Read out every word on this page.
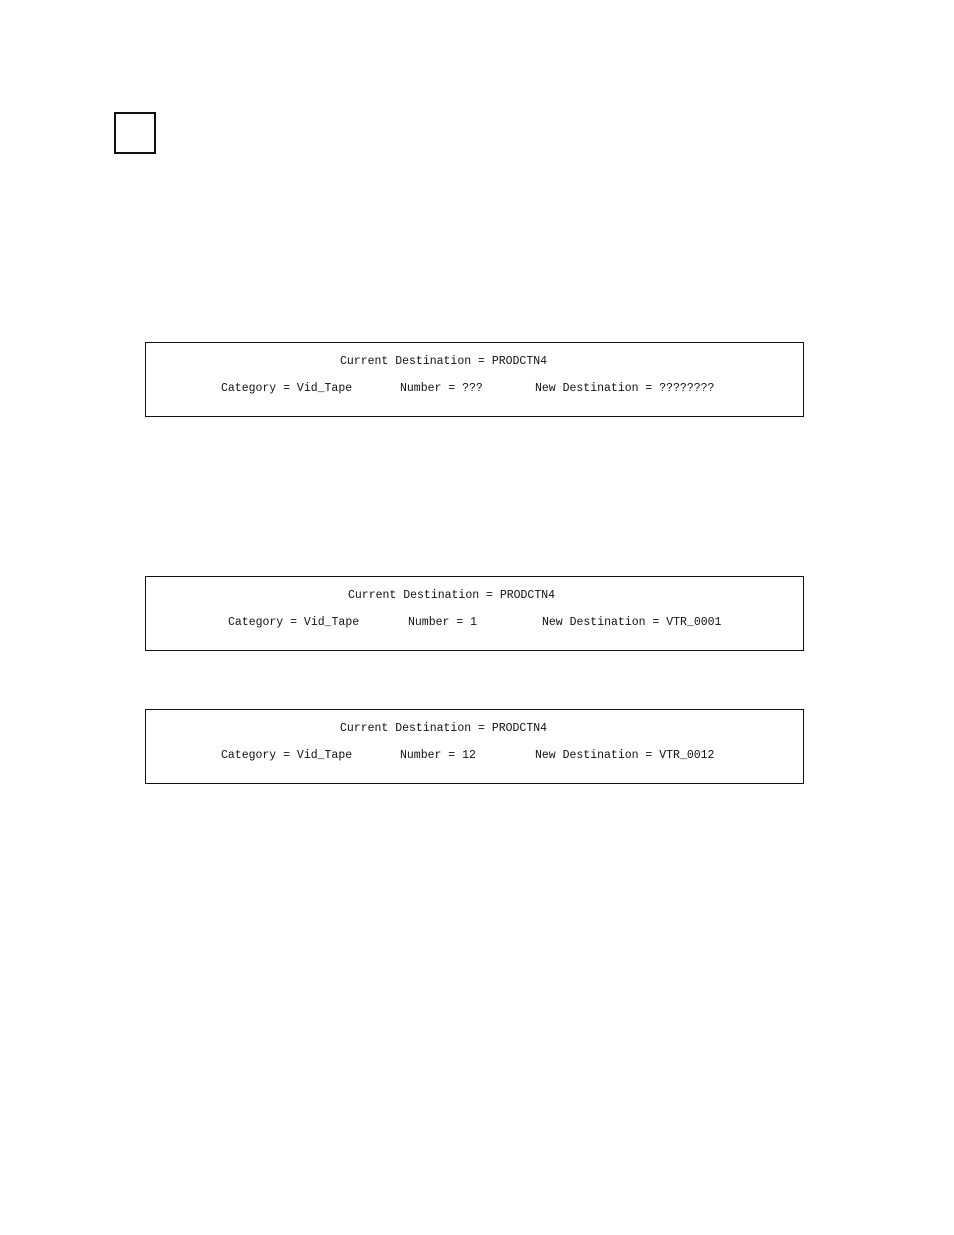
Current Destination = PRODCTN4

Category = Vid_Tape

	Number = ???

	New Destination = ????????

Current Destination = PRODCTN4

Category = Vid_Tape

	Number = 1

	New Destination = VTR_0001

Current Destination = PRODCTN4

Category = Vid_Tape

	Number = 12

	New Destination = VTR_0012
